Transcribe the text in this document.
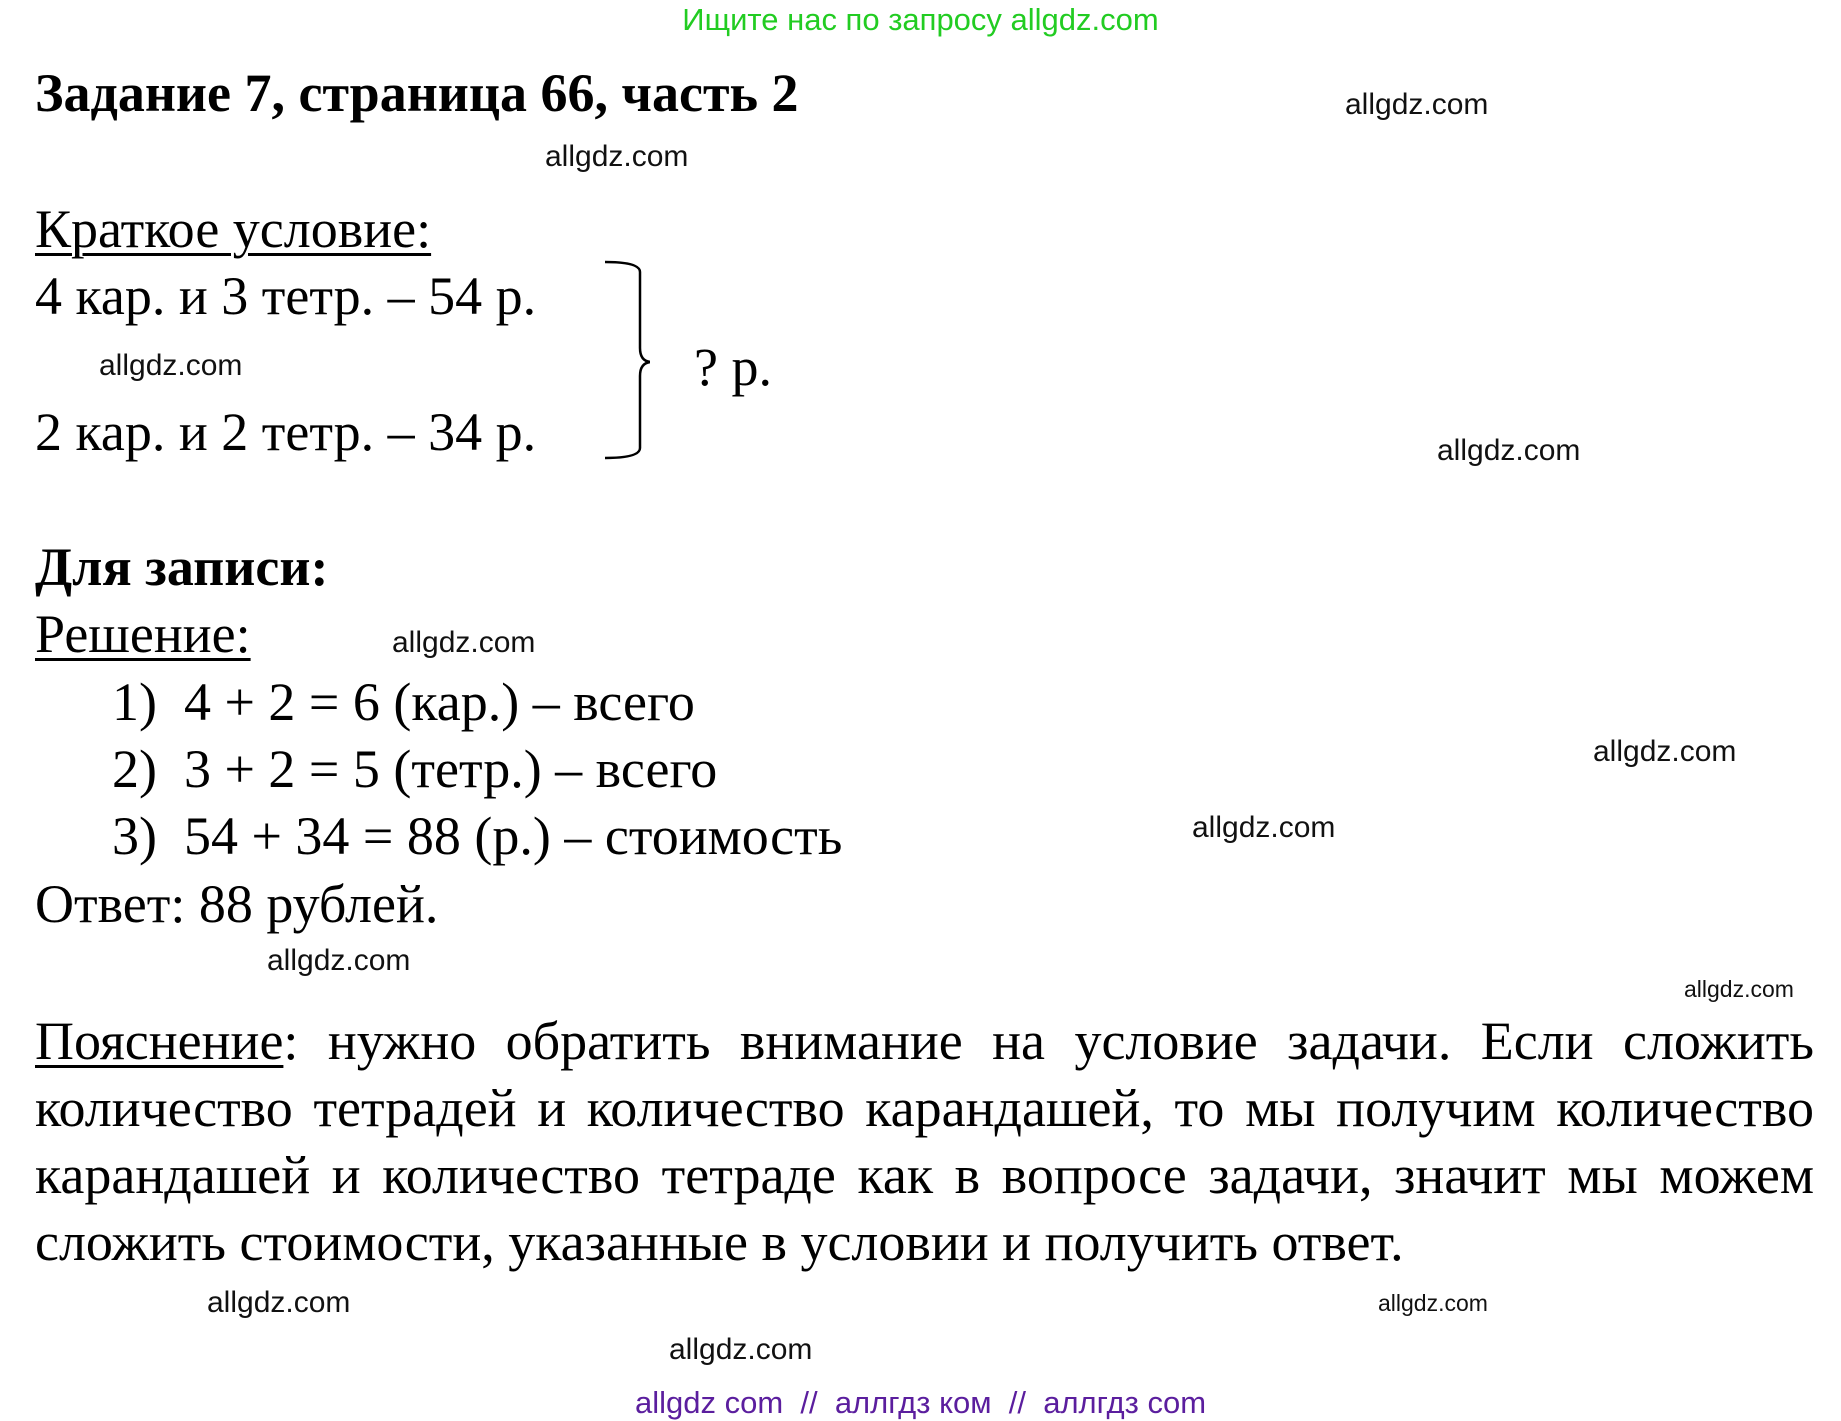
Ищите нас по запросу allgdz.com
Задание 7, страница 66, часть 2
Краткое условие:
4 кар. и 3 тетр. – 54 р.
2 кар. и 2 тетр. – 34 р.
? р.
Для записи:
Решение:
1)  4 + 2 = 6 (кар.) – всего
2)  3 + 2 = 5 (тетр.) – всего
3)  54 + 34 = 88 (р.) – стоимость
Ответ: 88 рублей.
Пояснение: нужно обратить внимание на условие задачи. Если сложить количество тетрадей и количество карандашей, то мы получим количество карандашей и количество тетраде как в вопросе задачи, значит мы можем сложить стоимости, указанные в условии и получить ответ.
allgdz.com
allgdz.com
allgdz.com
allgdz.com
allgdz.com
allgdz.com
allgdz.com
allgdz.com
allgdz.com
allgdz.com
allgdz.com
allgdz.com
allgdz com  //  аллгдз ком  //  аллгдз com
